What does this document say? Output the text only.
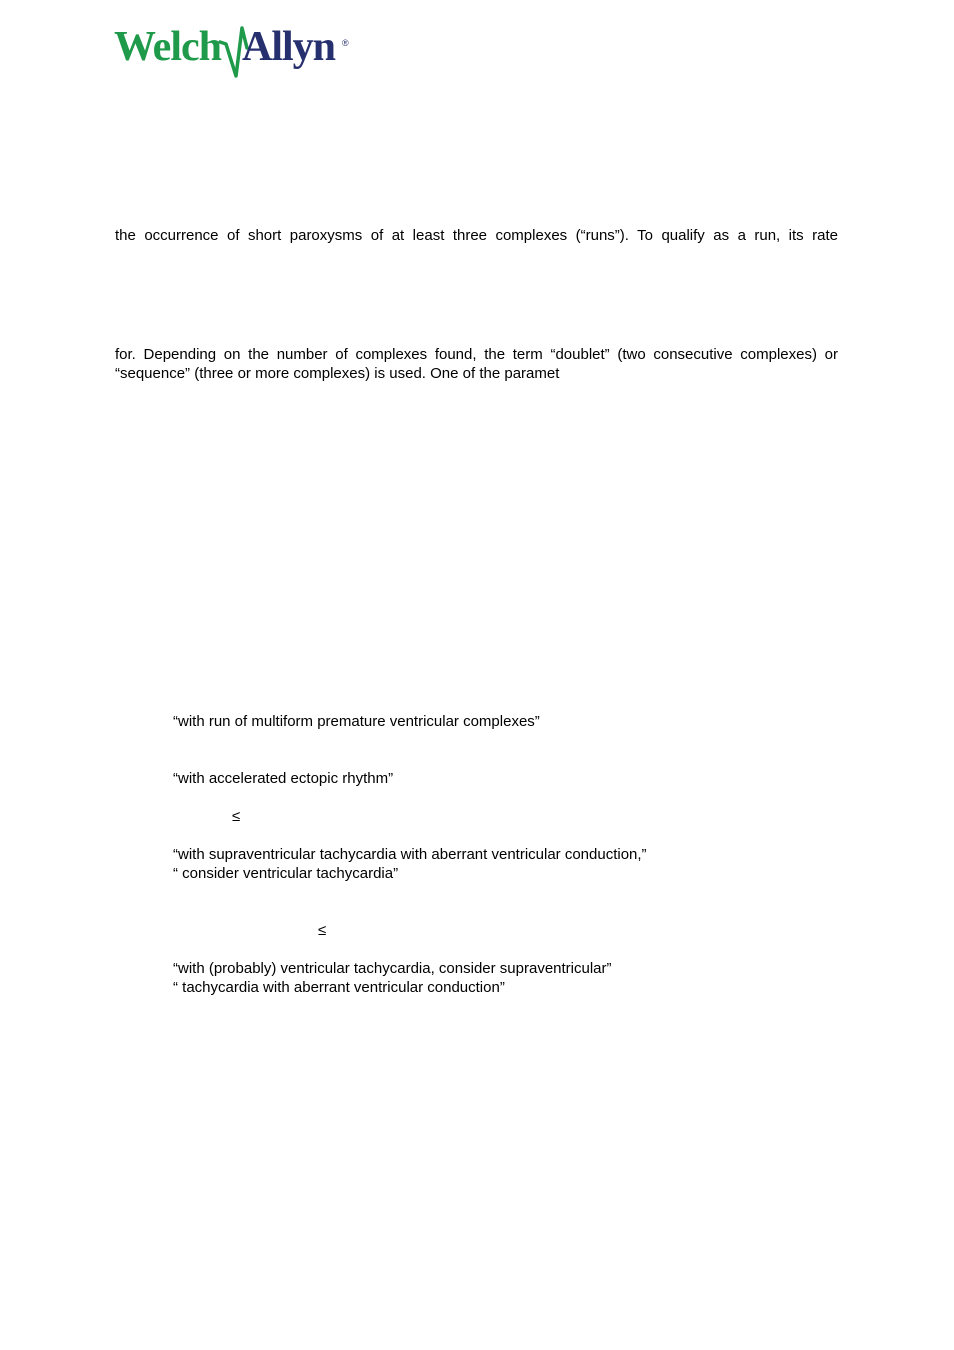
Welch Allyn ®

the occurrence of short paroxysms of at least three complexes (“runs”). To qualify as a run, its rate

for. Depending on the number of complexes found, the term “doublet” (two consecutive complexes) or

“sequence” (three or more complexes) is used. One of the paramet

“with run of multiform premature ventricular complexes”

“with accelerated ectopic rhythm”

≤

“with supraventricular tachycardia with aberrant ventricular conduction,”

“ consider ventricular tachycardia”

≤

“with (probably) ventricular tachycardia, consider supraventricular”

“ tachycardia with aberrant ventricular conduction”
